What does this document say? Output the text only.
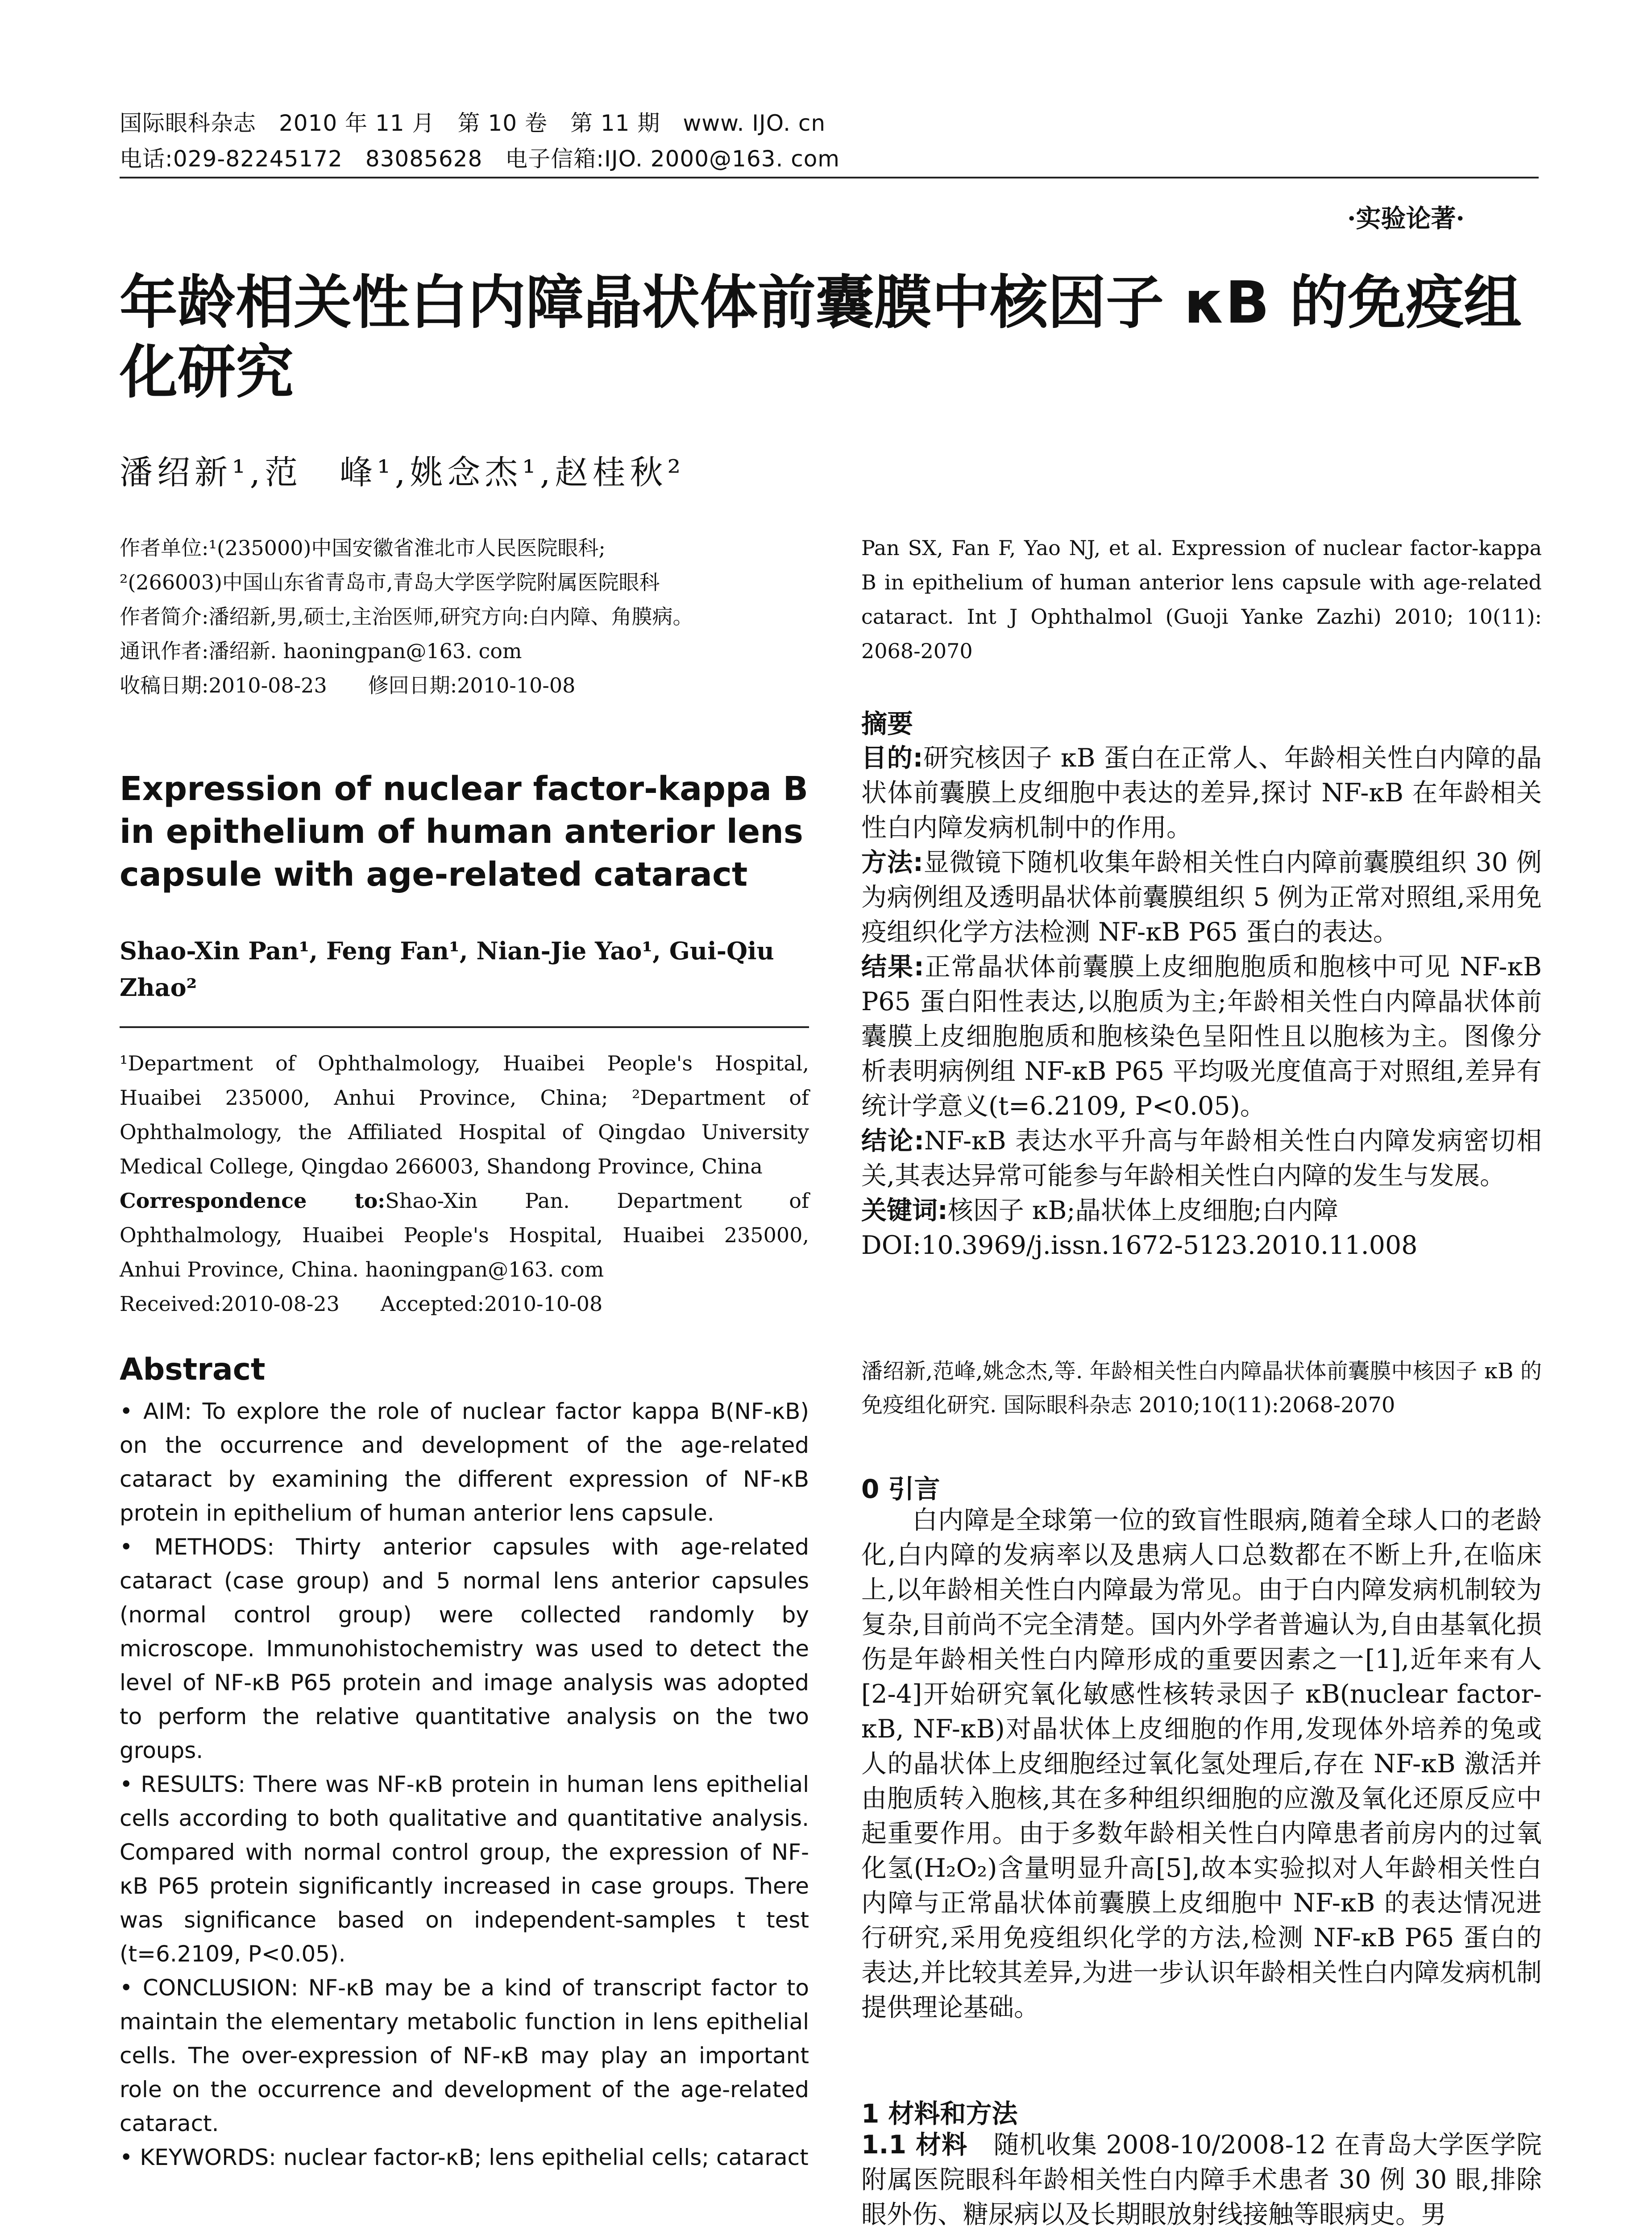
国际眼科杂志　2010 年 11 月　第 10 卷　第 11 期　www. IJO. cn
电话:029-82245172　83085628　电子信箱:IJO. 2000@163. com
·实验论著·
年龄相关性白内障晶状体前囊膜中核因子 κB 的免疫组化研究
潘绍新¹,范　峰¹,姚念杰¹,赵桂秋²

作者单位:¹(235000)中国安徽省淮北市人民医院眼科;

²(266003)中国山东省青岛市,青岛大学医学院附属医院眼科

作者简介:潘绍新,男,硕士,主治医师,研究方向:白内障、角膜病。

通讯作者:潘绍新. haoningpan@163. com

收稿日期:2010-08-23　　修回日期:2010-10-08

Expression of nuclear factor-kappa B in epithelium of human anterior lens capsule with age-related cataract
Shao-Xin Pan¹, Feng Fan¹, Nian-Jie Yao¹, Gui-Qiu Zhao²

¹Department of Ophthalmology, Huaibei People's Hospital, Huaibei 235000, Anhui Province, China; ²Department of Ophthalmology, the Affiliated Hospital of Qingdao University Medical College, Qingdao 266003, Shandong Province, China

Correspondence to:Shao-Xin Pan. Department of Ophthalmology, Huaibei People's Hospital, Huaibei 235000, Anhui Province, China. haoningpan@163. com

Received:2010-08-23　　Accepted:2010-10-08

Abstract

• AIM: To explore the role of nuclear factor kappa B(NF-κB) on the occurrence and development of the age-related cataract by examining the different expression of NF-κB protein in epithelium of human anterior lens capsule.

• METHODS: Thirty anterior capsules with age-related cataract (case group) and 5 normal lens anterior capsules (normal control group) were collected randomly by microscope. Immunohistochemistry was used to detect the level of NF-κB P65 protein and image analysis was adopted to perform the relative quantitative analysis on the two groups.

• RESULTS: There was NF-κB protein in human lens epithelial cells according to both qualitative and quantitative analysis. Compared with normal control group, the expression of NF-κB P65 protein significantly increased in case groups. There was significance based on independent-samples t test (t=6.2109, P<0.05).

• CONCLUSION: NF-κB may be a kind of transcript factor to maintain the elementary metabolic function in lens epithelial cells. The over-expression of NF-κB may play an important role on the occurrence and development of the age-related cataract.

• KEYWORDS: nuclear factor-κB; lens epithelial cells; cataract

Pan SX, Fan F, Yao NJ, et al. Expression of nuclear factor-kappa B in epithelium of human anterior lens capsule with age-related cataract. Int J Ophthalmol (Guoji Yanke Zazhi) 2010; 10(11): 2068-2070
摘要

目的:研究核因子 κB 蛋白在正常人、年龄相关性白内障的晶状体前囊膜上皮细胞中表达的差异,探讨 NF-κB 在年龄相关性白内障发病机制中的作用。

方法:显微镜下随机收集年龄相关性白内障前囊膜组织 30 例为病例组及透明晶状体前囊膜组织 5 例为正常对照组,采用免疫组织化学方法检测 NF-κB P65 蛋白的表达。

结果:正常晶状体前囊膜上皮细胞胞质和胞核中可见 NF-κB P65 蛋白阳性表达,以胞质为主;年龄相关性白内障晶状体前囊膜上皮细胞胞质和胞核染色呈阳性且以胞核为主。图像分析表明病例组 NF-κB P65 平均吸光度值高于对照组,差异有统计学意义(t=6.2109, P<0.05)。

结论:NF-κB 表达水平升高与年龄相关性白内障发病密切相关,其表达异常可能参与年龄相关性白内障的发生与发展。

关键词:核因子 κB;晶状体上皮细胞;白内障

DOI:10.3969/j.issn.1672-5123.2010.11.008

潘绍新,范峰,姚念杰,等. 年龄相关性白内障晶状体前囊膜中核因子 κB 的免疫组化研究. 国际眼科杂志 2010;10(11):2068-2070
0 引言
白内障是全球第一位的致盲性眼病,随着全球人口的老龄化,白内障的发病率以及患病人口总数都在不断上升,在临床上,以年龄相关性白内障最为常见。由于白内障发病机制较为复杂,目前尚不完全清楚。国内外学者普遍认为,自由基氧化损伤是年龄相关性白内障形成的重要因素之一[1],近年来有人[2-4]开始研究氧化敏感性核转录因子 κB(nuclear factor-κB, NF-κB)对晶状体上皮细胞的作用,发现体外培养的兔或人的晶状体上皮细胞经过氧化氢处理后,存在 NF-κB 激活并由胞质转入胞核,其在多种组织细胞的应激及氧化还原反应中起重要作用。由于多数年龄相关性白内障患者前房内的过氧化氢(H₂O₂)含量明显升高[5],故本实验拟对人年龄相关性白内障与正常晶状体前囊膜上皮细胞中 NF-κB 的表达情况进行研究,采用免疫组织化学的方法,检测 NF-κB P65 蛋白的表达,并比较其差异,为进一步认识年龄相关性白内障发病机制提供理论基础。
1 材料和方法

1.1 材料　 随机收集 2008-10/2008-12 在青岛大学医学院附属医院眼科年龄相关性白内障手术患者 30 例 30 眼,排除眼外伤、糖尿病以及长期眼放射线接触等眼病史。男
